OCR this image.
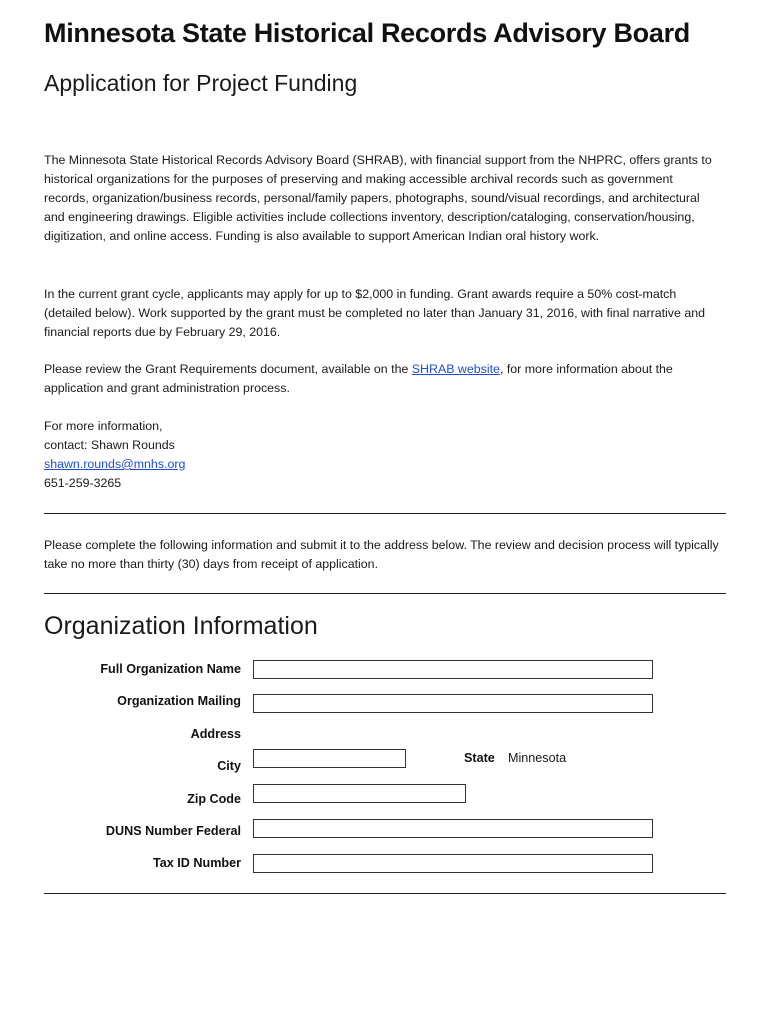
Minnesota State Historical Records Advisory Board
Application for Project Funding

The Minnesota State Historical Records Advisory Board (SHRAB), with financial support from the NHPRC, offers grants to historical organizations for the purposes of preserving and making accessible archival records such as government records, organization/business records, personal/family papers, photographs, sound/visual recordings, and architectural and engineering drawings. Eligible activities include collections inventory, description/cataloging, conservation/housing, digitization, and online access. Funding is also available to support American Indian oral history work.

In the current grant cycle, applicants may apply for up to $2,000 in funding. Grant awards require a 50% cost-match (detailed below). Work supported by the grant must be completed no later than January 31, 2016, with final narrative and financial reports due by February 29, 2016.

Please review the Grant Requirements document, available on the SHRAB website, for more information about the application and grant administration process.

For more information,
contact: Shawn Rounds
shawn.rounds@mnhs.org
651-259-3265

Please complete the following information and submit it to the address below. The review and decision process will typically take no more than thirty (30) days from receipt of application.

Organization Information
Full Organization Name
Organization Mailing
Address
City
State Minnesota
Zip Code
DUNS Number Federal
Tax ID Number
